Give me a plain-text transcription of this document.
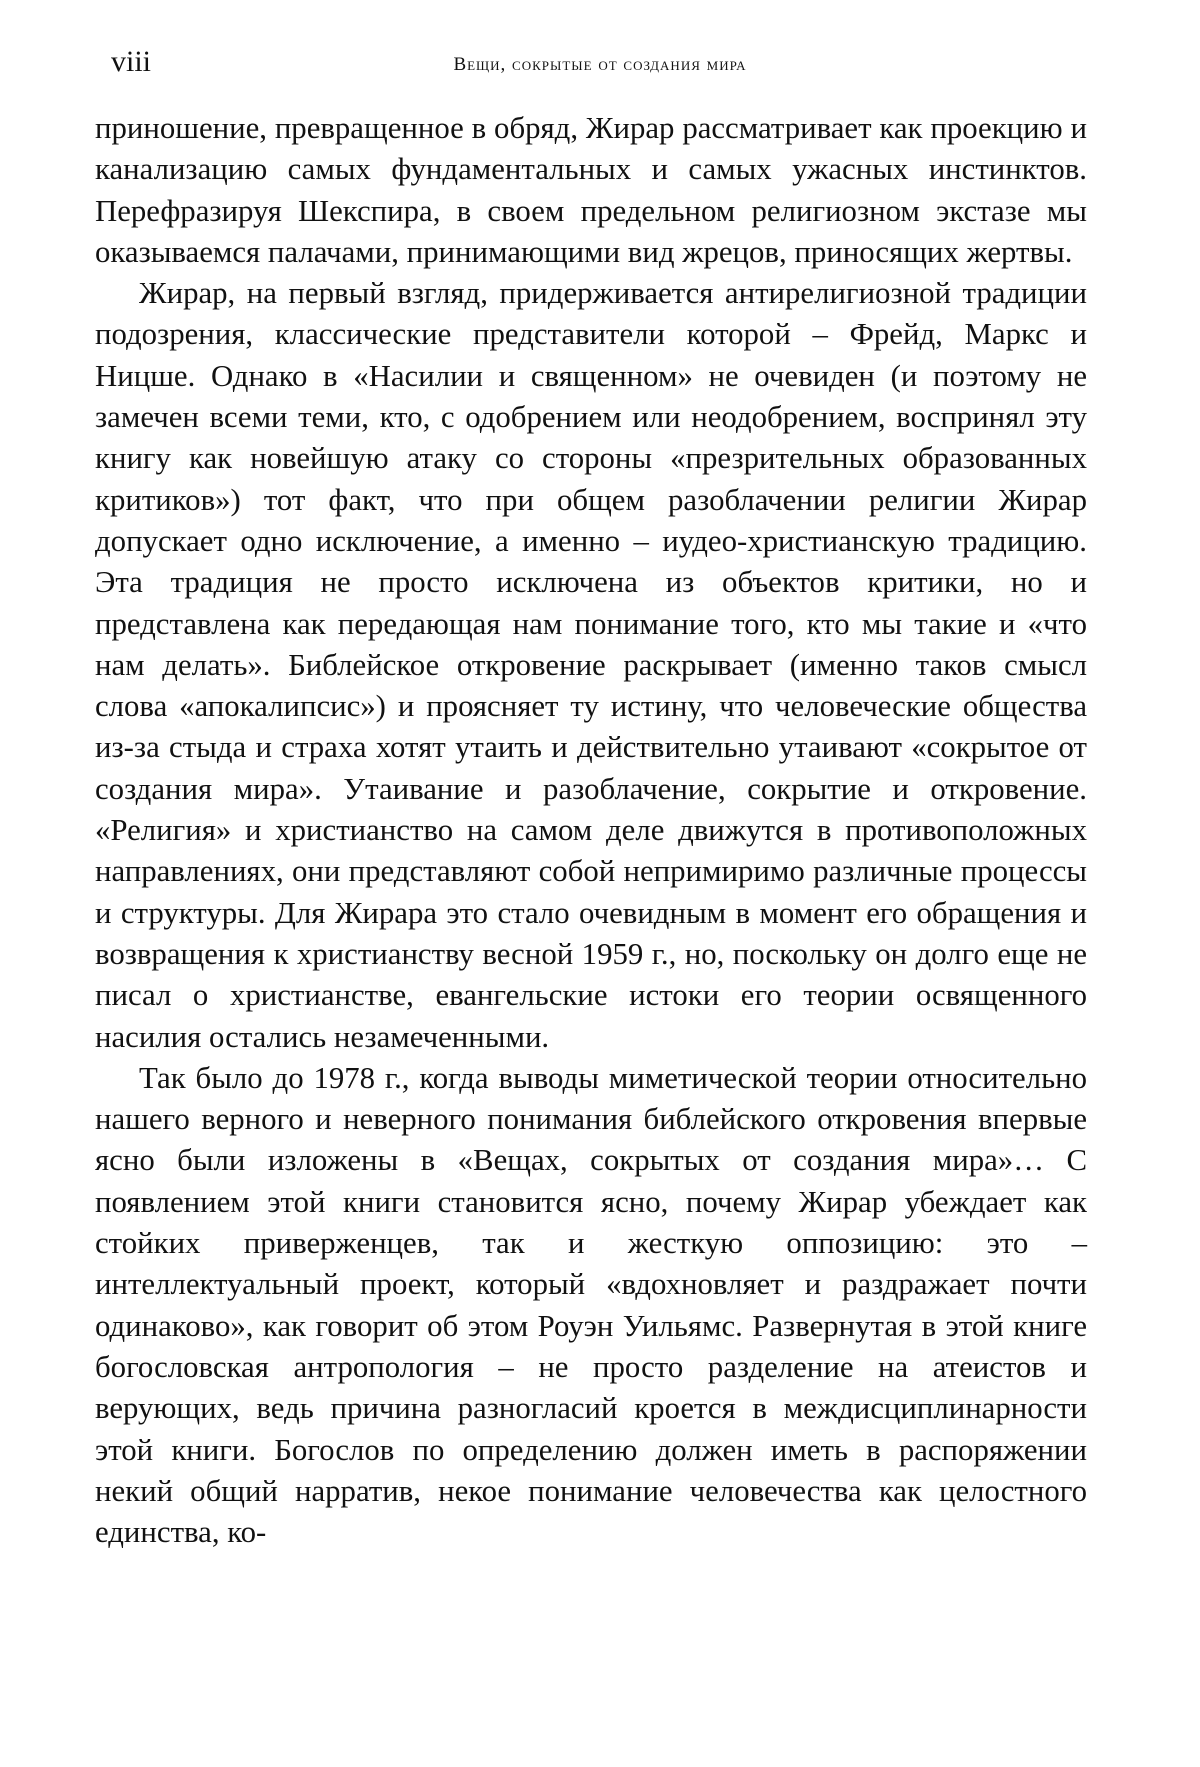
viii	Вещи, сокрытые от создания мира

приношение, превращенное в обряд, Жирар рассматривает как проекцию и канализацию самых фундаментальных и самых ужасных инстинктов. Перефразируя Шекспира, в своем предельном религиозном экстазе мы оказываемся палачами, принимающими вид жрецов, приносящих жертвы.

Жирар, на первый взгляд, придерживается антирелигиозной традиции подозрения, классические представители которой – Фрейд, Маркс и Ницше. Однако в «Насилии и священном» не очевиден (и поэтому не замечен всеми теми, кто, с одобрением или неодобрением, воспринял эту книгу как новейшую атаку со стороны «презрительных образованных критиков») тот факт, что при общем разоблачении религии Жирар допускает одно исключение, а именно – иудео-христианскую традицию. Эта традиция не просто исключена из объектов критики, но и представлена как передающая нам понимание того, кто мы такие и «что нам делать». Библейское откровение раскрывает (именно таков смысл слова «апокалипсис») и проясняет ту истину, что человеческие общества из-за стыда и страха хотят утаить и действительно утаивают «сокрытое от создания мира». Утаивание и разоблачение, сокрытие и откровение. «Религия» и христианство на самом деле движутся в противоположных направлениях, они представляют собой непримиримо различные процессы и структуры. Для Жирара это стало очевидным в момент его обращения и возвращения к христианству весной 1959 г., но, поскольку он долго еще не писал о христианстве, евангельские истоки его теории освященного насилия остались незамеченными.

Так было до 1978 г., когда выводы миметической теории относительно нашего верного и неверного понимания библейского откровения впервые ясно были изложены в «Вещах, сокрытых от создания мира»… С появлением этой книги становится ясно, почему Жирар убеждает как стойких приверженцев, так и жесткую оппозицию: это – интеллектуальный проект, который «вдохновляет и раздражает почти одинаково», как говорит об этом Роуэн Уильямс. Развернутая в этой книге богословская антропология – не просто разделение на атеистов и верующих, ведь причина разногласий кроется в междисциплинарности этой книги. Богослов по определению должен иметь в распоряжении некий общий нарратив, некое понимание человечества как целостного единства, ко-
